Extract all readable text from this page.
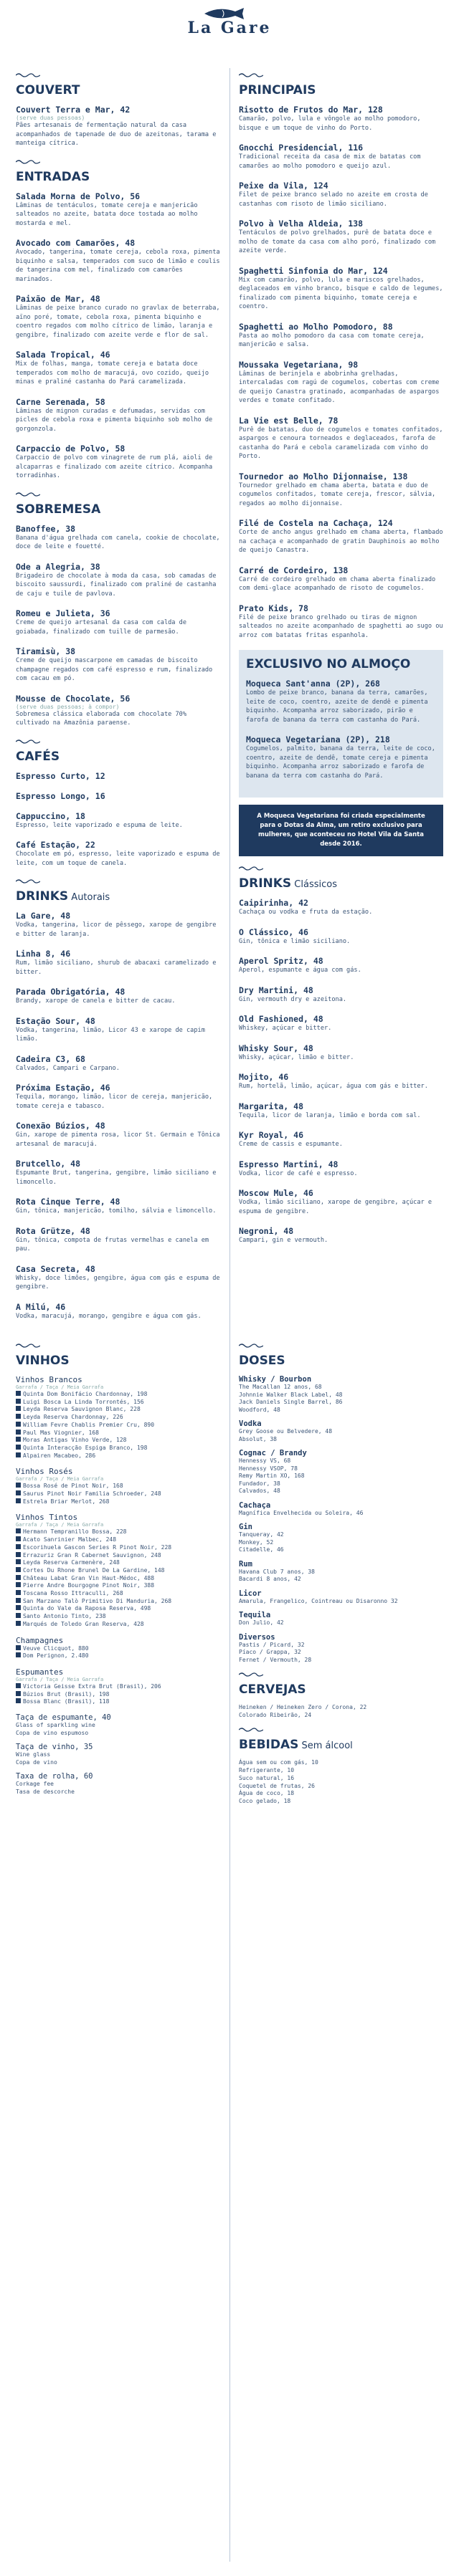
La Gare
COUVERT
Couvert Terra e Mar, 42
(serve duas pessoas)
Pães artesanais de fermentação natural da casa acompanhados de tapenade de duo de azeitonas, tarama e manteiga cítrica.
ENTRADAS
Salada Morna de Polvo, 56
Lâminas de tentáculos, tomate cereja e manjericão salteados no azeite, batata doce tostada ao molho mostarda e mel.
Avocado com Camarões, 48
Avocado, tangerina, tomate cereja, cebola roxa, pimenta biquinho e salsa, temperados com suco de limão e coulis de tangerina com mel, finalizado com camarões marinados.
Paixão de Mar, 48
Lâminas de peixe branco curado no gravlax de beterraba, aïno poré, tomate, cebola roxa, pimenta biquinho e coentro regados com molho cítrico de limão, laranja e gengibre, finalizado com azeite verde e flor de sal.
Salada Tropical, 46
Mix de folhas, manga, tomate cereja e batata doce temperados com molho de maracujá, ovo cozido, queijo minas e praliné castanha do Pará caramelizada.
Carne Serenada, 58
Lâminas de mignon curadas e defumadas, servidas com picles de cebola roxa e pimenta biquinho sob molho de gorgonzola.
Carpaccio de Polvo, 58
Carpaccio de polvo com vinagrete de rum plá, aioli de alcaparras e finalizado com azeite cítrico. Acompanha torradinhas.
SOBREMESA
Banoffee, 38
Banana d'água grelhada com canela, cookie de chocolate, doce de leite e fouetté.
Ode a Alegria, 38
Brigadeiro de chocolate à moda da casa, sob camadas de biscoito saussurdi, finalizado com praliné de castanha de caju e tuile de pavlova.
Romeu e Julieta, 36
Creme de queijo artesanal da casa com calda de goiabada, finalizado com tuille de parmesão.
Tiramisù, 38
Creme de queijo mascarpone em camadas de biscoito champagne regados com café espresso e rum, finalizado com cacau em pó.
Mousse de Chocolate, 56
(serve duas pessoas; à compor)
Sobremesa clássica elaborada com chocolate 70% cultivado na Amazônia paraense.
CAFÉS
Espresso Curto, 12
Espresso Longo, 16
Cappuccino, 18
Espresso, leite vaporizado e espuma de leite.
Café Estação, 22
Chocolate em pó, espresso, leite vaporizado e espuma de leite, com um toque de canela.
DRINKS Autorais
La Gare, 48
Vodka, tangerina, licor de pêssego, xarope de gengibre e bitter de laranja.
Linha 8, 46
Rum, limão siciliano, shurub de abacaxi caramelizado e bitter.
Parada Obrigatória, 48
Brandy, xarope de canela e bitter de cacau.
Estação Sour, 48
Vodka, tangerina, limão, Licor 43 e xarope de capim limão.
Cadeira C3, 68
Calvados, Campari e Carpano.
Próxima Estação, 46
Tequila, morango, limão, licor de cereja, manjericão, tomate cereja e tabasco.
Conexão Búzios, 48
Gin, xarope de pimenta rosa, licor St. Germain e Tônica artesanal de maracujá.
Brutcello, 48
Espumante Brut, tangerina, gengibre, limão siciliano e limoncello.
Rota Cinque Terre, 48
Gin, tônica, manjericão, tomilho, sálvia e limoncello.
Rota Grütze, 48
Gin, tônica, compota de frutas vermelhas e canela em pau.
Casa Secreta, 48
Whisky, doce limões, gengibre, água com gás e espuma de gengibre.
A Milú, 46
Vodka, maracujá, morango, gengibre e água com gás.
PRINCIPAIS
Risotto de Frutos do Mar, 128
Camarão, polvo, lula e vôngole ao molho pomodoro, bisque e um toque de vinho do Porto.
Gnocchi Presidencial, 116
Tradicional receita da casa de mix de batatas com camarões ao molho pomodoro e queijo azul.
Peixe da Vila, 124
Filet de peixe branco selado no azeite em crosta de castanhas com risoto de limão siciliano.
Polvo à Velha Aldeia, 138
Tentáculos de polvo grelhados, purê de batata doce e molho de tomate da casa com alho poró, finalizado com azeite verde.
Spaghetti Sinfonia do Mar, 124
Mix com camarão, polvo, lula e mariscos grelhados, deglaceados em vinho branco, bisque e caldo de legumes, finalizado com pimenta biquinho, tomate cereja e coentro.
Spaghetti ao Molho Pomodoro, 88
Pasta ao molho pomodoro da casa com tomate cereja, manjericão e salsa.
Moussaka Vegetariana, 98
Lâminas de berinjela e abobrinha grelhadas, intercaladas com ragú de cogumelos, cobertas com creme de queijo Canastra gratinado, acompanhadas de aspargos verdes e tomate confitado.
La Vie est Belle, 78
Purê de batatas, duo de cogumelos e tomates confitados, aspargos e cenoura torneados e deglaceados, farofa de castanha do Pará e cebola caramelizada com vinho do Porto.
Tournedor ao Molho Dijonnaise, 138
Tournedor grelhado em chama aberta, batata e duo de cogumelos confitados, tomate cereja, frescor, sálvia, regados ao molho dijonnaise.
Filé de Costela na Cachaça, 124
Corte de ancho angus grelhado em chama aberta, flambado na cachaça e acompanhado de gratin Dauphinois ao molho de queijo Canastra.
Carré de Cordeiro, 138
Carré de cordeiro grelhado em chama aberta finalizado com demi-glace acompanhado de risoto de cogumelos.
Prato Kids, 78
Filé de peixe branco grelhado ou tiras de mignon salteados no azeite acompanhado de spaghetti ao sugo ou arroz com batatas fritas espanhola.
EXCLUSIVO NO ALMOÇO
Moqueca Sant'anna (2P), 268
Lombo de peixe branco, banana da terra, camarões, leite de coco, coentro, azeite de dendê e pimenta biquinho. Acompanha arroz saborizado, pirão e farofa de banana da terra com castanha do Pará.
Moqueca Vegetariana (2P), 218
Cogumelos, palmito, banana da terra, leite de coco, coentro, azeite de dendê, tomate cereja e pimenta biquinho. Acompanha arroz saborizado e farofa de banana da terra com castanha do Pará.
A Moqueca Vegetariana foi criada especialmente para o Dotas da Alma, um retiro exclusivo para mulheres, que aconteceu no Hotel Vila da Santa desde 2016.
DRINKS Clássicos
Caipirinha, 42
Cachaça ou vodka e fruta da estação.
O Clássico, 46
Gin, tônica e limão siciliano.
Aperol Spritz, 48
Aperol, espumante e água com gás.
Dry Martini, 48
Gin, vermouth dry e azeitona.
Old Fashioned, 48
Whiskey, açúcar e bitter.
Whisky Sour, 48
Whisky, açúcar, limão e bitter.
Mojito, 46
Rum, hortelã, limão, açúcar, água com gás e bitter.
Margarita, 48
Tequila, licor de laranja, limão e borda com sal.
Kyr Royal, 46
Creme de cassis e espumante.
Espresso Martini, 48
Vodka, licor de café e espresso.
Moscow Mule, 46
Vodka, limão siciliano, xarope de gengibre, açúcar e espuma de gengibre.
Negroni, 48
Campari, gin e vermouth.
VINHOS
Vinhos Brancos
Garrafa / Taça / Meia Garrafa
Quinta Dom Bonifácio Chardonnay, 198
Luigi Bosca La Linda Torrontés, 156
Leyda Reserva Sauvignon Blanc, 228
Leyda Reserva Chardonnay, 226
William Fevre Chablis Premier Cru, 890
Paul Mas Viognier, 168
Moras Antigas Vinho Verde, 128
Quinta Interacção Espiga Branco, 198
Alpairen Macabeo, 286
Vinhos Rosés
Garrafa / Taça / Meia Garrafa
Bossa Rosé de Pinot Noir, 168
Saurus Pinot Noir Familia Schroeder, 248
Estrela Briar Merlot, 268
Vinhos Tintos
Garrafa / Taça / Meia Garrafa
Hermann Tempranillo Bossa, 228
Acato Sanrinier Malbec, 248
Escorihuela Gascon Series R Pinot Noir, 228
Errazuriz Gran R Cabernet Sauvignon, 248
Leyda Reserva Carmenère, 248
Cortes Du Rhone Brunel De La Gardine, 148
Château Labat Gran Vin Haut-Médoc, 488
Pierre Andre Bourgogne Pinot Noir, 388
Toscana Rosso Ittraculli, 268
San Marzano Talò Primitivo Di Manduria, 268
Quinta do Vale da Raposa Reserva, 498
Santo Antonio Tinto, 238
Marqués de Toledo Gran Reserva, 428
Champagnes
Veuve Clicquot, 880
Dom Perignon, 2.480
Espumantes
Garrafa / Taça / Meia Garrafa
Victoria Geisse Extra Brut (Brasil), 206
Búzios Brut (Brasil), 198
Bossa Blanc (Brasil), 118
Taça de espumante, 40
Glass of sparkling wine
Copa de vino espumoso
Taça de vinho, 35
Wine glass
Copa de vino
Taxa de rolha, 60
Corkage fee
Tasa de descorche
DOSES
Whisky / Bourbon
The Macallan 12 anos, 68
Johnnie Walker Black Label, 48
Jack Daniels Single Barrel, 86
Woodford, 48
Vodka
Grey Goose ou Belvedere, 48
Absolut, 38
Cognac / Brandy
Hennessy VS, 68
Hennessy VSOP, 78
Remy Martin XO, 168
Fundador, 38
Calvados, 48
Cachaça
Magnífica Envelhecida ou Soleira, 46
Gin
Tanqueray, 42
Monkey, 52
Citadelle, 46
Rum
Havana Club 7 anos, 38
Bacardi 8 anos, 42
Licor
Amarula, Frangelico, Cointreau ou Disaronno 32
Tequila
Don Julio, 42
Diversos
Pastis / Picard, 32
Píaco / Grappa, 32
Fernet / Vermouth, 28
CERVEJAS
Heineken / Heineken Zero / Corona, 22
Colorado Ribeirão, 24
BEBIDAS Sem álcool
Água sem ou com gás, 10
Refrigerante, 10
Suco natural, 16
Coquetel de frutas, 26
Água de coco, 18
Coco gelado, 18
